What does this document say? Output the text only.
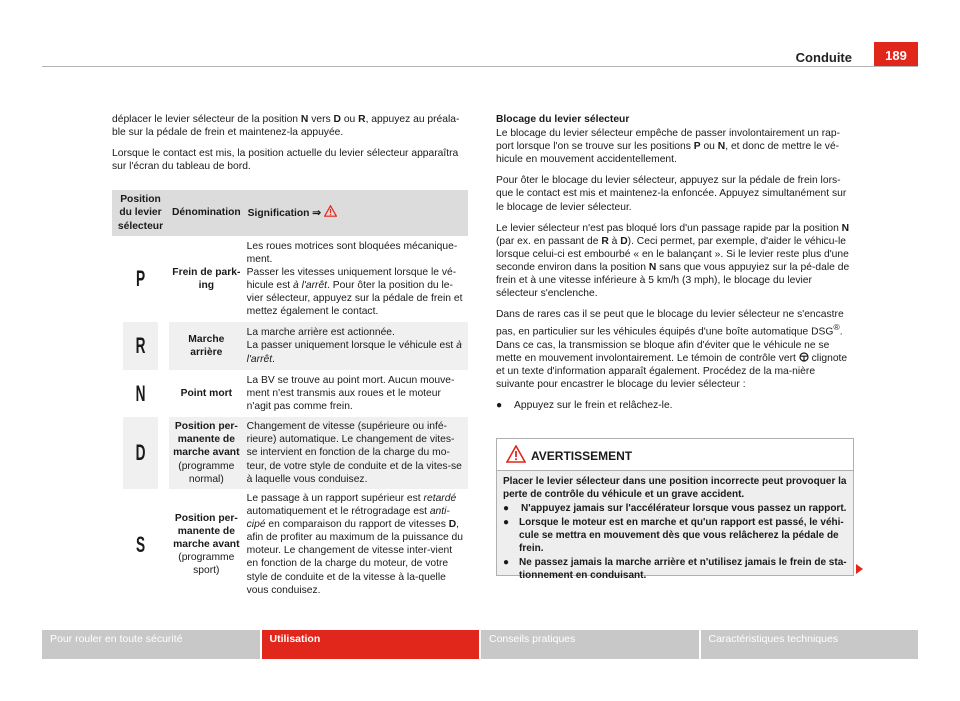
Conduite	189

déplacer le levier sélecteur de la position N vers D ou R, appuyez au préala-ble sur la pédale de frein et maintenez-la appuyée.

Lorsque le contact est mis, la position actuelle du levier sélecteur apparaîtra sur l'écran du tableau de bord.

Position du levier sélecteur	Dénomination	Signification ⇒
P	Frein de park-ing	Les roues motrices sont bloquées mécanique-ment.
Passer les vitesses uniquement lorsque le vé-hicule est à l'arrêt. Pour ôter la position du le-vier sélecteur, appuyez sur la pédale de frein et mettez également le contact.
R	Marche arrière	La marche arrière est actionnée.
La passer uniquement lorsque le véhicule est à l'arrêt.
N	Point mort	La BV se trouve au point mort. Aucun mouve-ment n'est transmis aux roues et le moteur n'agit pas comme frein.
D	Position per-manente de marche avant
(programme normal)	Changement de vitesse (supérieure ou infé-rieure) automatique. Le changement de vites-se intervient en fonction de la charge du mo-teur, de votre style de conduite et de la vites-se à laquelle vous conduisez.
S	Position per-manente de marche avant
(programme sport)	Le passage à un rapport supérieur est retardé automatiquement et le rétrogradage est anti-cipé en comparaison du rapport de vitesses D, afin de profiter au maximum de la puissance du moteur. Le changement de vitesse inter-vient en fonction de la charge du moteur, de votre style de conduite et de la vitesse à la-quelle vous conduisez.

Blocage du levier sélecteur

Le blocage du levier sélecteur empêche de passer involontairement un rap-port lorsque l'on se trouve sur les positions P ou N, et donc de mettre le vé-hicule en mouvement accidentellement.

Pour ôter le blocage du levier sélecteur, appuyez sur la pédale de frein lors-que le contact est mis et maintenez-la enfoncée. Appuyez simultanément sur le blocage de levier sélecteur.

Le levier sélecteur n'est pas bloqué lors d'un passage rapide par la position N (par ex. en passant de R à D). Ceci permet, par exemple, d'aider le véhicu-le lorsque celui-ci est embourbé « en le balançant ». Si le levier reste plus d'une seconde environ dans la position N sans que vous appuyiez sur la pé-dale de frein et à une vitesse inférieure à 5 km/h (3 mph), le blocage du levier sélecteur s'enclenche.

Dans de rares cas il se peut que le blocage du levier sélecteur ne s'encastre pas, en particulier sur les véhicules équipés d'une boîte automatique DSG®. Dans ce cas, la transmission se bloque afin d'éviter que le véhicule ne se mette en mouvement involontairement. Le témoin de contrôle vert  clignote et un texte d'information apparaît également. Procédez de la ma-nière suivante pour encastrer le blocage du levier sélecteur :

● Appuyez sur le frein et relâchez-le.
AVERTISSEMENT
Placer le levier sélecteur dans une position incorrecte peut provoquer la perte de contrôle du véhicule et un grave accident.
● N'appuyez jamais sur l'accélérateur lorsque vous passez un rapport.
● Lorsque le moteur est en marche et qu'un rapport est passé, le véhi-cule se mettra en mouvement dès que vous relâcherez la pédale de frein.
● Ne passez jamais la marche arrière et n'utilisez jamais le frein de sta-tionnement en conduisant.
Pour rouler en toute sécurité	Utilisation	Conseils pratiques	Caractéristiques techniques
